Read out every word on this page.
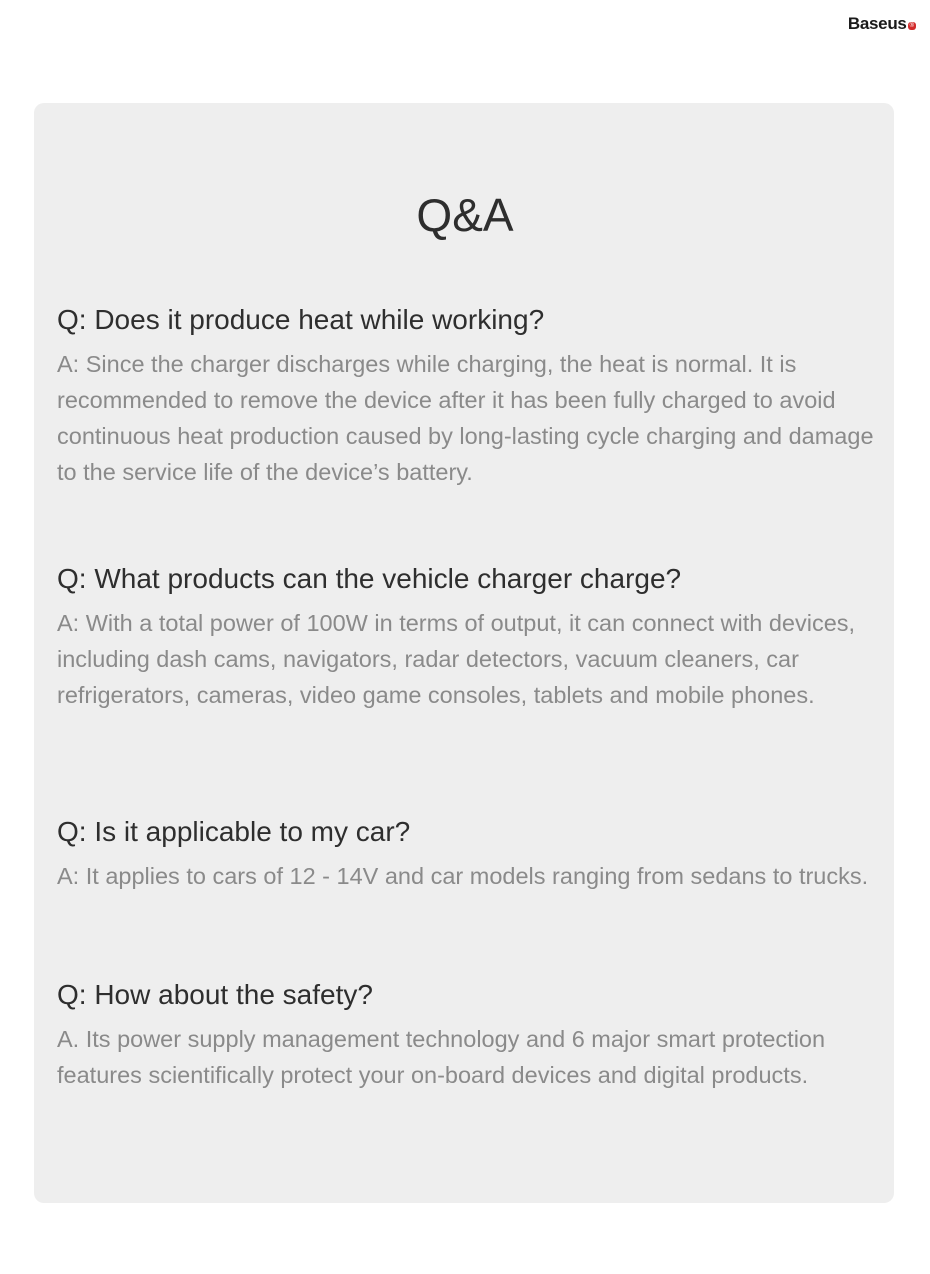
Baseus ®
Q&A
Q: Does it produce heat while working?

A: Since the charger discharges while charging, the heat is normal. It is recommended to remove the device after it has been fully charged to avoid continuous heat production caused by long-lasting cycle charging and damage to the service life of the device’s battery.

Q: What products can the vehicle charger charge?

A: With a total power of 100W in terms of output, it can connect with devices, including dash cams, navigators, radar detectors, vacuum cleaners, car refrigerators, cameras, video game consoles, tablets and mobile phones.

Q: Is it applicable to my car?

A: It applies to cars of 12 - 14V and car models ranging from sedans to trucks.

Q: How about the safety?

A. Its power supply management technology and 6 major smart protection features scientifically protect your on-board devices and digital products.
